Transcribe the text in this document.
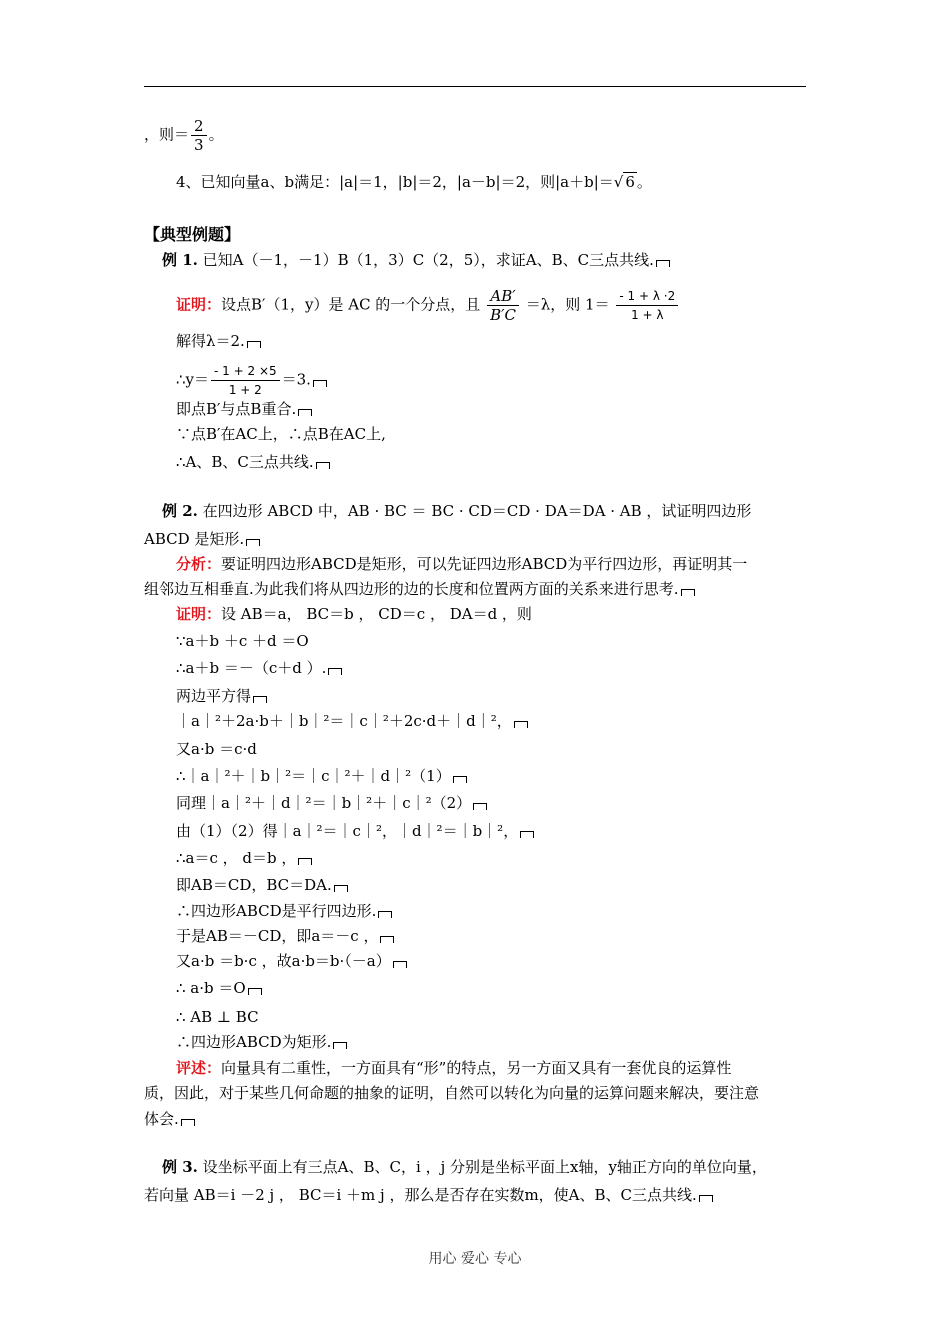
，则＝ $\frac{2}{3}$ 。
4、已知向量a、b满足：|a|＝1，|b|＝2，|a－b|＝2，则|a＋b|＝√ 6 。
【典型例题】
例 1. 已知A（－1，－1）B（1，3）C（2，5），求证A、B、C三点共线.
证明：设点B′（1，y）是 AC 的一个分点，且 $\frac{AB'}{B'C} =\lambda$，则 $1= \frac{- 1 + \lambda \cdot 2}{1 + \lambda}$
解得λ＝2.
∴y＝ $\frac{- 1 + 2 \times 5}{1 + 2} =3$.
即点B′与点B重合.
∵点B′在AC上，∴点B在AC上,
∴A、B、C三点共线.
例 2. 在四边形 ABCD 中，AB · BC ＝ BC · CD＝CD · DA＝DA · AB ，试证明四边形
ABCD 是矩形.
分析：要证明四边形ABCD是矩形，可以先证四边形ABCD为平行四边形，再证明其一
组邻边互相垂直.为此我们将从四边形的边的长度和位置两方面的关系来进行思考.
证明：设 AB＝a， BC＝b ， CD＝c ， DA＝d ，则
∵a＋b ＋c ＋d ＝O
∴a＋b ＝－（c＋d ）.
两边平方得
｜a｜²＋2a·b＋｜b｜²＝｜c｜²＋2c·d＋｜d｜²，
又a·b ＝c·d
∴｜a｜²＋｜b｜²＝｜c｜²＋｜d｜²（1）
同理｜a｜²＋｜d｜²＝｜b｜²＋｜c｜²（2）
由（1）（2）得｜a｜²＝｜c｜²，｜d｜²＝｜b｜²，
∴a＝c ， d＝b ，
即AB＝CD，BC＝DA.
∴四边形ABCD是平行四边形.
于是AB＝－CD，即a＝－c ，
又a·b ＝b·c ，故a·b＝b·（－a）
∴ a·b ＝O
∴ AB ⊥ BC
∴四边形ABCD为矩形.
评述：向量具有二重性，一方面具有“形”的特点，另一方面又具有一套优良的运算性
质，因此，对于某些几何命题的抽象的证明，自然可以转化为向量的运算问题来解决，要注意
体会.
例 3. 设坐标平面上有三点A、B、C，i ，j 分别是坐标平面上x轴，y轴正方向的单位向量，
若向量 AB＝i －2 j ， BC＝i ＋m j ，那么是否存在实数m，使A、B、C三点共线.
用心 爱心 专心
